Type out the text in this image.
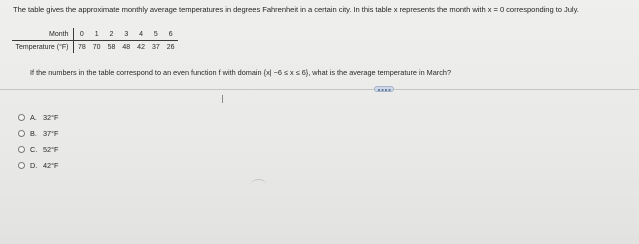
The table gives the approximate monthly average temperatures in degrees Fahrenheit in a certain city. In this table x represents the month with x = 0 corresponding to July.
Month	0	1	2	3	4	5	6
Temperature (°F)	78	70	58	48	42	37	26
If the numbers in the table correspond to an even function f with domain {x| −6 ≤ x ≤ 6}, what is the average temperature in March?
A. 32°F
B. 37°F
C. 52°F
D. 42°F
